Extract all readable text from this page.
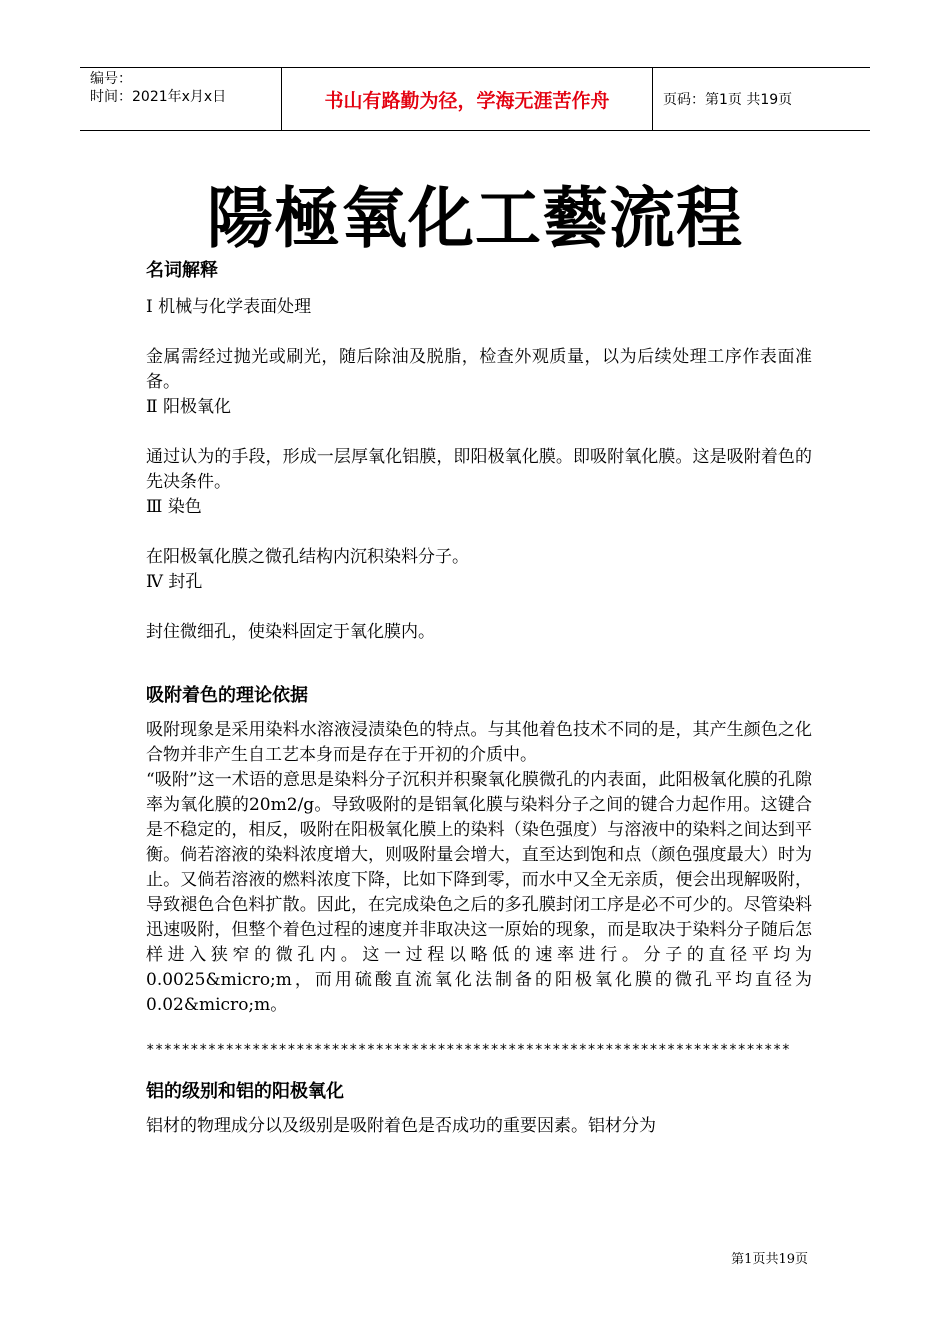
编号：
时间：2021年x月x日	书山有路勤为径，学海无涯苦作舟	页码：第1页 共19页
陽極氧化工藝流程

名词解释

Ⅰ 机械与化学表面处理

金属需经过抛光或刷光，随后除油及脱脂，检查外观质量，以为后续处理工序作表面准备。

Ⅱ 阳极氧化

通过认为的手段，形成一层厚氧化铝膜，即阳极氧化膜。即吸附氧化膜。这是吸附着色的先决条件。

Ⅲ 染色

在阳极氧化膜之微孔结构内沉积染料分子。

Ⅳ 封孔

封住微细孔，使染料固定于氧化膜内。

吸附着色的理论依据

吸附现象是采用染料水溶液浸渍染色的特点。与其他着色技术不同的是，其产生颜色之化合物并非产生自工艺本身而是存在于开初的介质中。

“吸附”这一术语的意思是染料分子沉积并积聚氧化膜微孔的内表面，此阳极氧化膜的孔隙率为氧化膜的20m2/g。导致吸附的是铝氧化膜与染料分子之间的键合力起作用。这键合是不稳定的，相反，吸附在阳极氧化膜上的染料（染色强度）与溶液中的染料之间达到平衡。倘若溶液的染料浓度增大，则吸附量会增大，直至达到饱和点（颜色强度最大）时为止。又倘若溶液的燃料浓度下降，比如下降到零，而水中又全无亲质，便会出现解吸附，导致褪色合色料扩散。因此，在完成染色之后的多孔膜封闭工序是必不可少的。尽管染料迅速吸附，但整个着色过程的速度并非取决这一原始的现象，而是取决于染料分子随后怎样进入狭窄的微孔内。这一过程以略低的速率进行。分子的直径平均为0.0025&micro;m，而用硫酸直流氧化法制备的阳极氧化膜的微孔平均直径为0.02&micro;m。

*************************************************************************

铝的级别和铝的阳极氧化

铝材的物理成分以及级别是吸附着色是否成功的重要因素。铝材分为

第1页共19页
